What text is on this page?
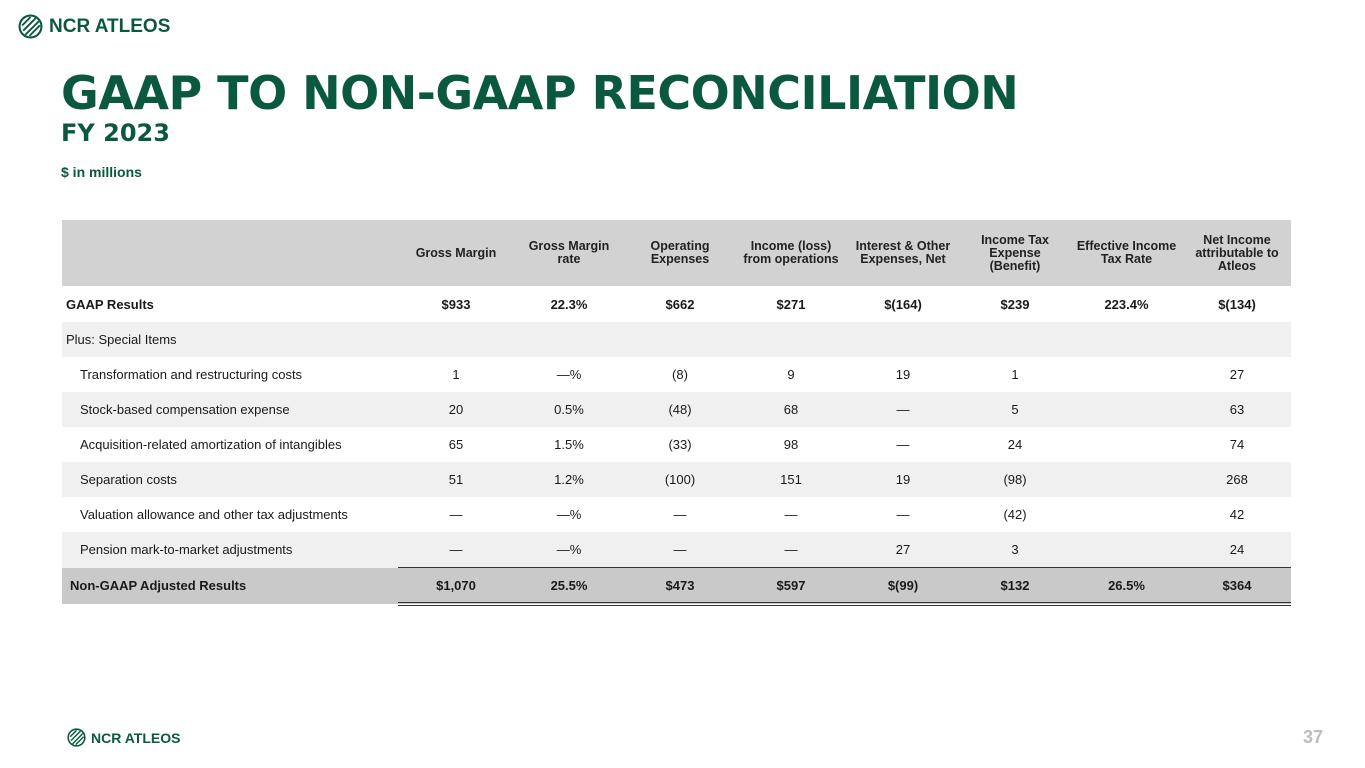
NCR ATLEOS
GAAP TO NON-GAAP RECONCILIATION
FY 2023
$ in millions
	Gross Margin	Gross Margin rate	Operating Expenses	Income (loss) from operations	Interest & Other Expenses, Net	Income Tax Expense (Benefit)	Effective Income Tax Rate	Net Income attributable to Atleos
GAAP Results	$933	22.3%	$662	$271	$(164)	$239	223.4%	$(134)
Plus: Special Items								
Transformation and restructuring costs	1	—%	(8)	9	19	1		27
Stock-based compensation expense	20	0.5%	(48)	68	—	5		63
Acquisition-related amortization of intangibles	65	1.5%	(33)	98	—	24		74
Separation costs	51	1.2%	(100)	151	19	(98)		268
Valuation allowance and other tax adjustments	—	—%	—	—	—	(42)		42
Pension mark-to-market adjustments	—	—%	—	—	27	3		24
Non-GAAP Adjusted Results	$1,070	25.5%	$473	$597	$(99)	$132	26.5%	$364
NCR ATLEOS	37
